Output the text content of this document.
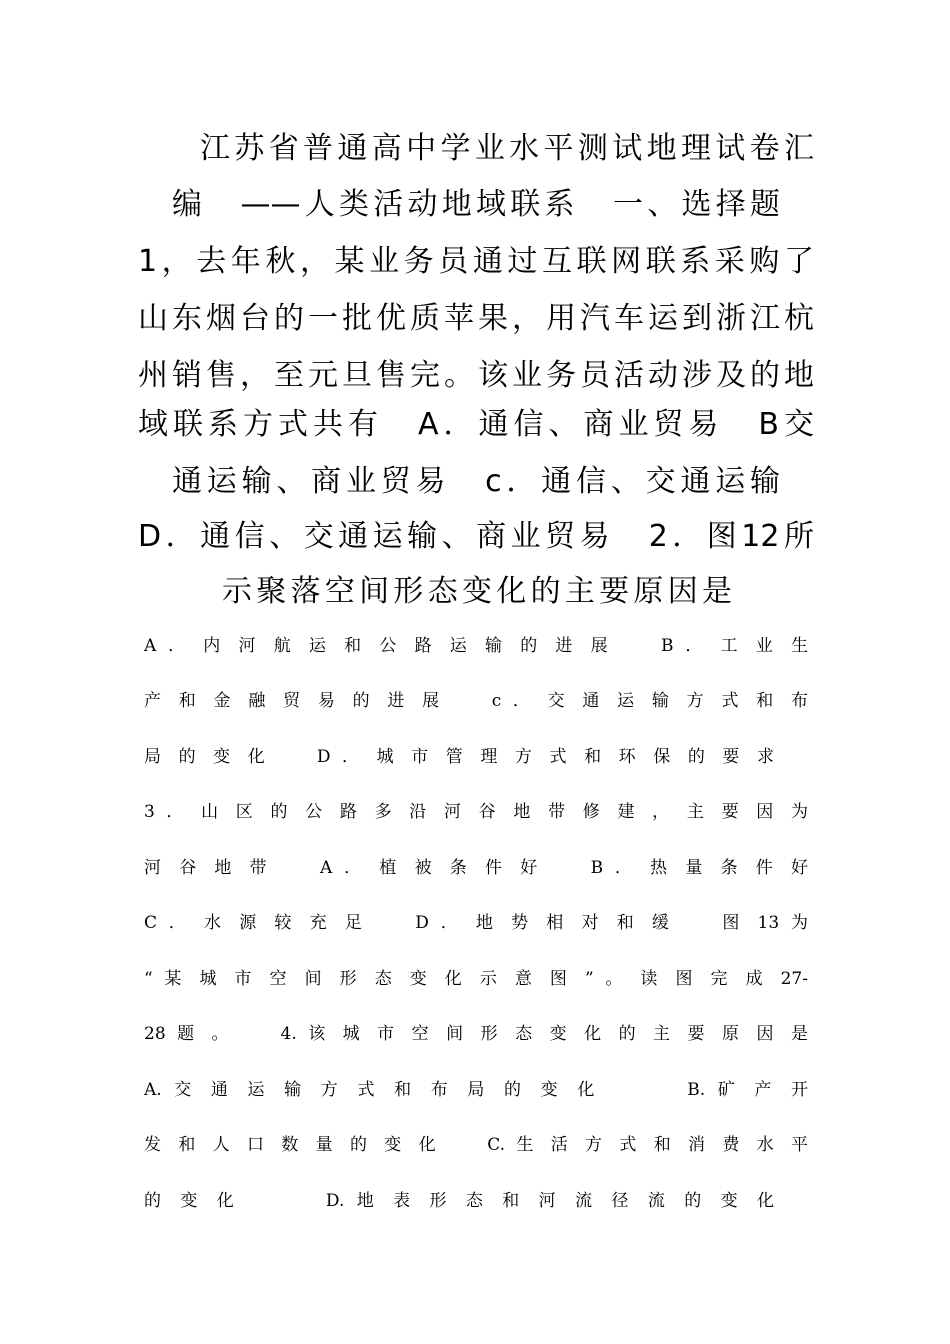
江苏省普通高中学业水平测试地理试卷汇
编　——人类活动地域联系　一、选择题
1，去年秋，某业务员通过互联网联系采购了
山东烟台的一批优质苹果，用汽车运到浙江杭
州销售，至元旦售完。该业务员活动涉及的地
域联系方式共有　A．通信、商业贸易　B交
通运输、商业贸易　c．通信、交通运输
D．通信、交通运输、商业贸易　2．图12所
示聚落空间形态变化的主要原因是
A ． 内 河 航 运 和 公 路 运 输 的 进 展 　 B ． 工 业 生
产 和 金 融 贸 易 的 进 展 　 c ． 交 通 运 输 方 式 和 布
局 的 变 化 　 D ． 城 市 管 理 方 式 和 环 保 的 要 求
3 ． 山 区 的 公 路 多 沿 河 谷 地 带 修 建 ， 主 要 因 为
河 谷 地 带 　 A ． 植 被 条 件 好 　 B ． 热 量 条 件 好
C ． 水 源 较 充 足 　 D ． 地 势 相 对 和 缓 　 图 13 为
“ 某 城 市 空 间 形 态 变 化 示 意 图 ” 。 读 图 完 成 27-
28 题 。 　 4. 该 城 市 空 间 形 态 变 化 的 主 要 原 因 是
A. 交 通 运 输 方 式 和 布 局 的 变 化 　 　 B. 矿 产 开
发 和 人 口 数 量 的 变 化 　 C. 生 活 方 式 和 消 费 水 平
的 变 化 　 　 D. 地 表 形 态 和 河 流 径 流 的 变 化
